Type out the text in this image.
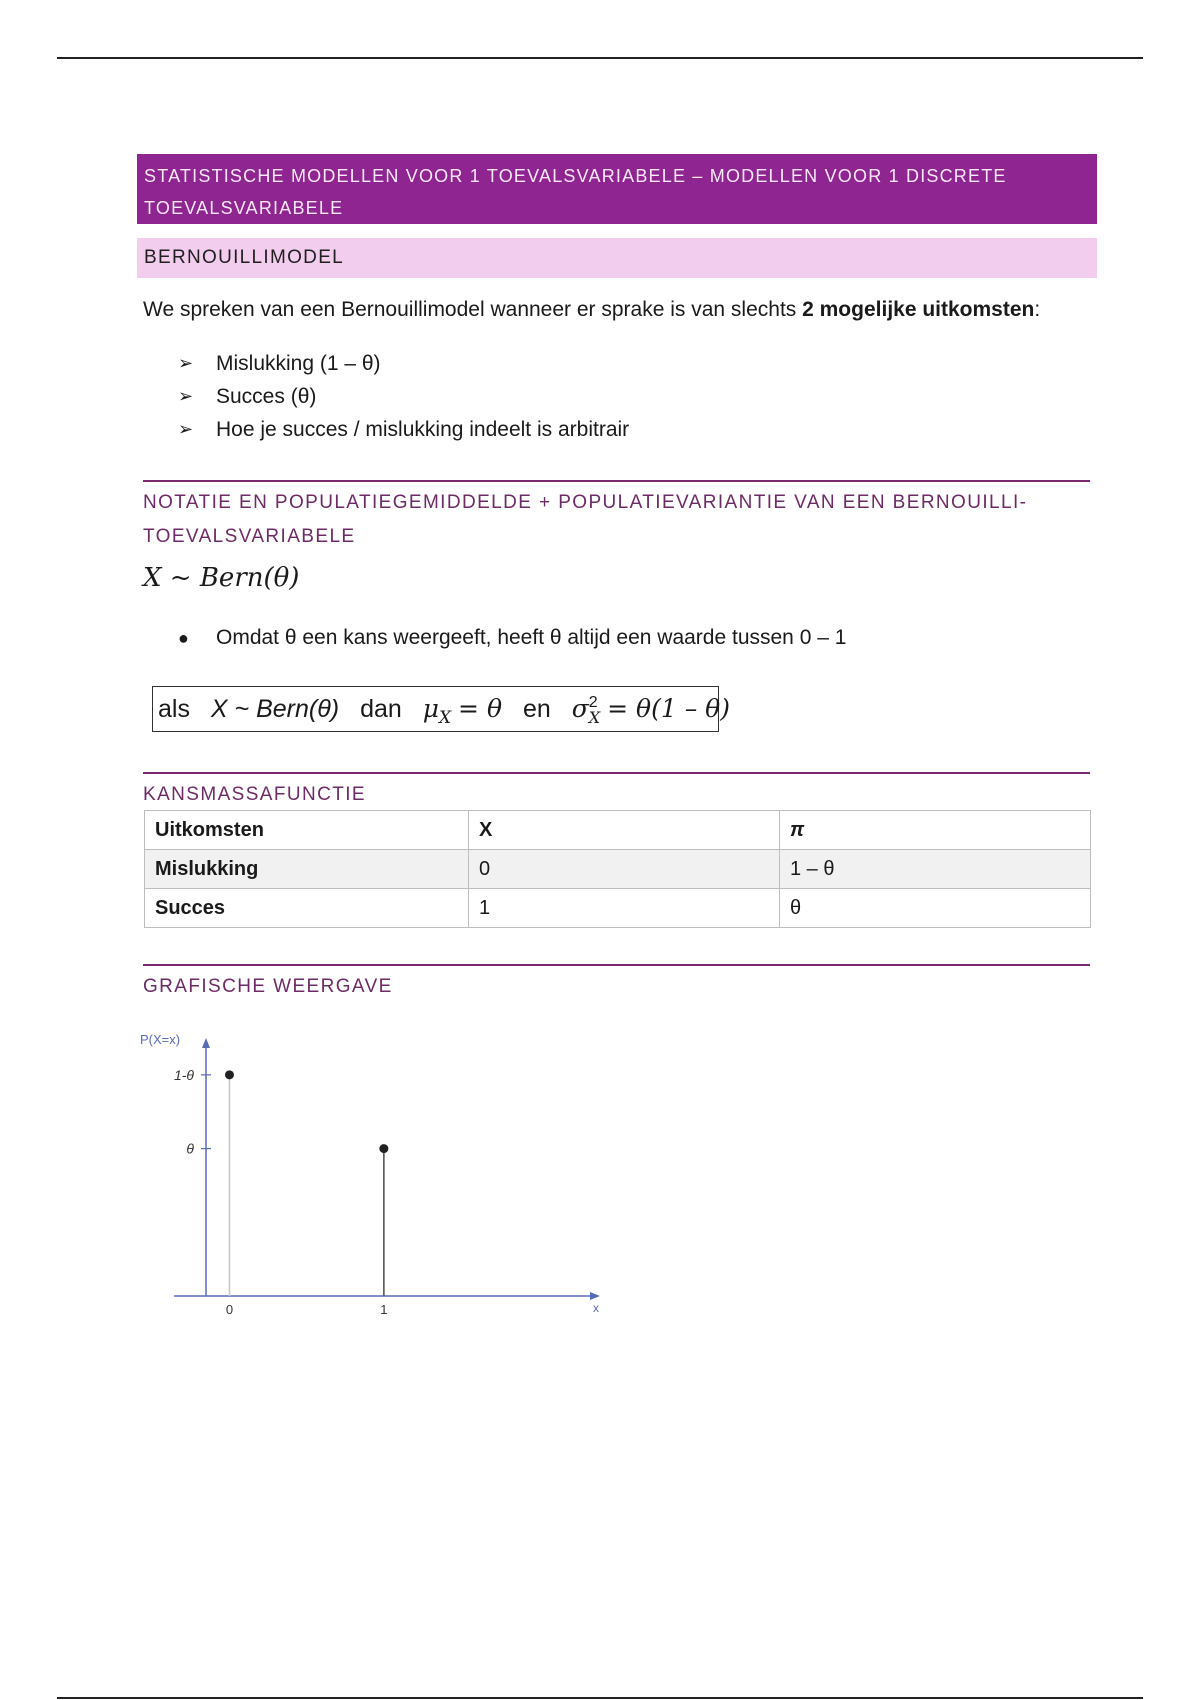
STATISTISCHE MODELLEN VOOR 1 TOEVALSVARIABELE – MODELLEN VOOR 1 DISCRETE TOEVALSVARIABELE
BERNOUILLIMODEL
We spreken van een Bernouillimodel wanneer er sprake is van slechts 2 mogelijke uitkomsten:
➢	Mislukking (1 – θ)
➢	Succes (θ)
➢	Hoe je succes / mislukking indeelt is arbitrair
NOTATIE EN POPULATIEGEMIDDELDE + POPULATIEVARIANTIE VAN EEN BERNOUILLI-TOEVALSVARIABELE
X ~ Bern(θ)
●	Omdat θ een kans weergeeft, heeft θ altijd een waarde tussen 0 – 1
als X ~ Bern(θ) dan $\mu_X = \theta$ en σ 2
X = θ(1 – θ)
KANSMASSAFUNCTIE
Uitkomsten	X	π
Mislukking	0	1 – θ
Succes	1	θ
GRAFISCHE WEERGAVE
P(X=x)
x
1-θ
0
θ
1
